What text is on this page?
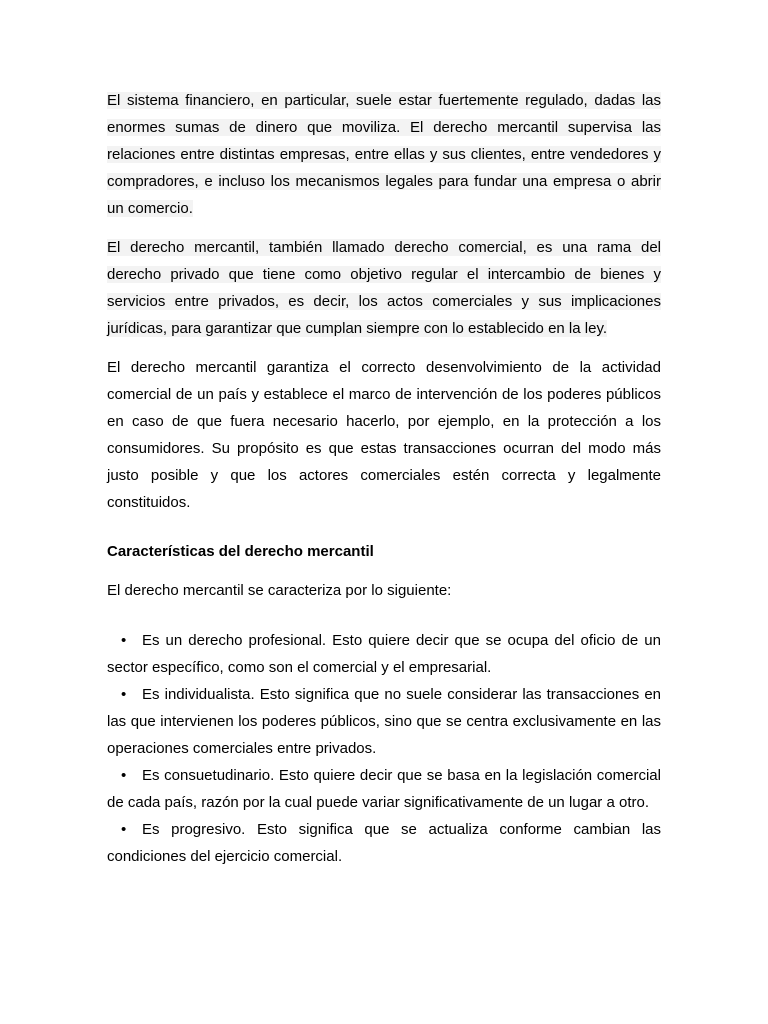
El sistema financiero, en particular, suele estar fuertemente regulado, dadas las enormes sumas de dinero que moviliza. El derecho mercantil supervisa las relaciones entre distintas empresas, entre ellas y sus clientes, entre vendedores y compradores, e incluso los mecanismos legales para fundar una empresa o abrir un comercio.

El derecho mercantil, también llamado derecho comercial, es una rama del derecho privado que tiene como objetivo regular el intercambio de bienes y servicios entre privados, es decir, los actos comerciales y sus implicaciones jurídicas, para garantizar que cumplan siempre con lo establecido en la ley.

El derecho mercantil garantiza el correcto desenvolvimiento de la actividad comercial de un país y establece el marco de intervención de los poderes públicos en caso de que fuera necesario hacerlo, por ejemplo, en la protección a los consumidores. Su propósito es que estas transacciones ocurran del modo más justo posible y que los actores comerciales estén correcta y legalmente constituidos.

Características del derecho mercantil

El derecho mercantil se caracteriza por lo siguiente:

• Es un derecho profesional. Esto quiere decir que se ocupa del oficio de un sector específico, como son el comercial y el empresarial.

• Es individualista. Esto significa que no suele considerar las transacciones en las que intervienen los poderes públicos, sino que se centra exclusivamente en las operaciones comerciales entre privados.

• Es consuetudinario. Esto quiere decir que se basa en la legislación comercial de cada país, razón por la cual puede variar significativamente de un lugar a otro.

• Es progresivo. Esto significa que se actualiza conforme cambian las condiciones del ejercicio comercial.
